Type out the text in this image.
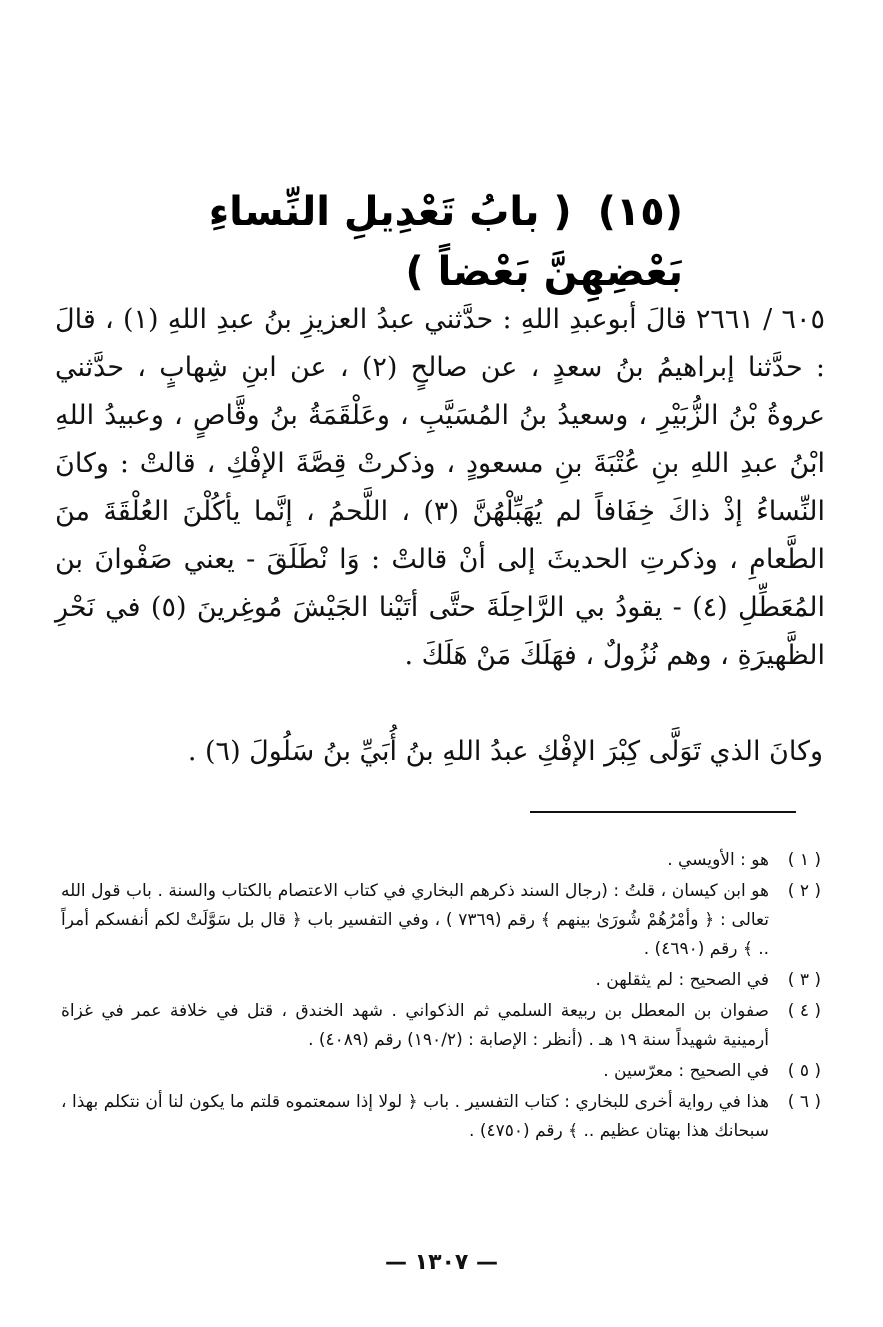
(١٥) ( بابُ تَعْدِيلِ النِّساءِ
بَعْضِهِنَّ بَعْضاً )

٦٠٥ / ٢٦٦١ قالَ أبوعبدِ اللهِ : حدَّثني عبدُ العزيزِ بنُ عبدِ اللهِ (١) ، قالَ : حدَّثنا إبراهيمُ بنُ سعدٍ ، عن صالحٍ (٢) ، عن ابنِ شِهابٍ ، حدَّثني عروةُ بْنُ الزُّبَيْرِ ، وسعيدُ بنُ المُسَيَّبِ ، وعَلْقَمَةُ بنُ وقَّاصٍ ، وعبيدُ اللهِ ابْنُ عبدِ اللهِ بنِ عُتْبَةَ بنِ مسعودٍ ، وذكرتْ قِصَّةَ الإفْكِ ، قالتْ : وكانَ النِّساءُ إذْ ذاكَ خِفَافاً لم يُهَبِّلْهُنَّ (٣) ، اللَّحمُ ، إنَّما يأكُلْنَ العُلْقَةَ منَ الطَّعامِ ، وذكرتِ الحديثَ إلى أنْ قالتْ : وَا نْطَلَقَ - يعني صَفْوانَ بن المُعَطِّلِ (٤) - يقودُ بي الرَّاحِلَةَ حتَّى أتَيْنا الجَيْشَ مُوغِرينَ (٥) في نَحْرِ الظَّهيرَةِ ، وهم نُزُولٌ ، فهَلَكَ مَنْ هَلَكَ .

وكانَ الذي تَوَلَّى كِبْرَ الإفْكِ عبدُ اللهِ بنُ أُبَيِّ بنُ سَلُولَ (٦) .
( ١ )
هو : الأويسي .
( ٢ )
هو ابن كيسان ، قلتُ : (رجال السند ذكرهم البخاري في كتاب الاعتصام بالكتاب والسنة . باب قول الله تعالى : ﴿ وأمْرُهُمْ شُورَىٰ بينهم ﴾ رقم (٧٣٦٩ ) ، وفي التفسير باب ﴿ قال بل سَوَّلَتْ لكم أنفسكم أمراً .. ﴾ رقم (٤٦٩٠) .
( ٣ )
في الصحيح : لم يثقلهن .
( ٤ )
صفوان بن المعطل بن ربيعة السلمي ثم الذكواني . شهد الخندق ، قتل في خلافة عمر في غزاة أرمينية شهيداً سنة ١٩ هـ . (أنظر : الإصابة : (١٩٠/٢) رقم (٤٠٨٩) .
( ٥ )
في الصحيح : معرّسين .
( ٦ )
هذا في رواية أخرى للبخاري : كتاب التفسير . باب ﴿ لولا إذا سمعتموه قلتم ما يكون لنا أن نتكلم بهذا ، سبحانك هذا بهتان عظيم .. ﴾ رقم (٤٧٥٠) .
— ١٣٠٧ —
